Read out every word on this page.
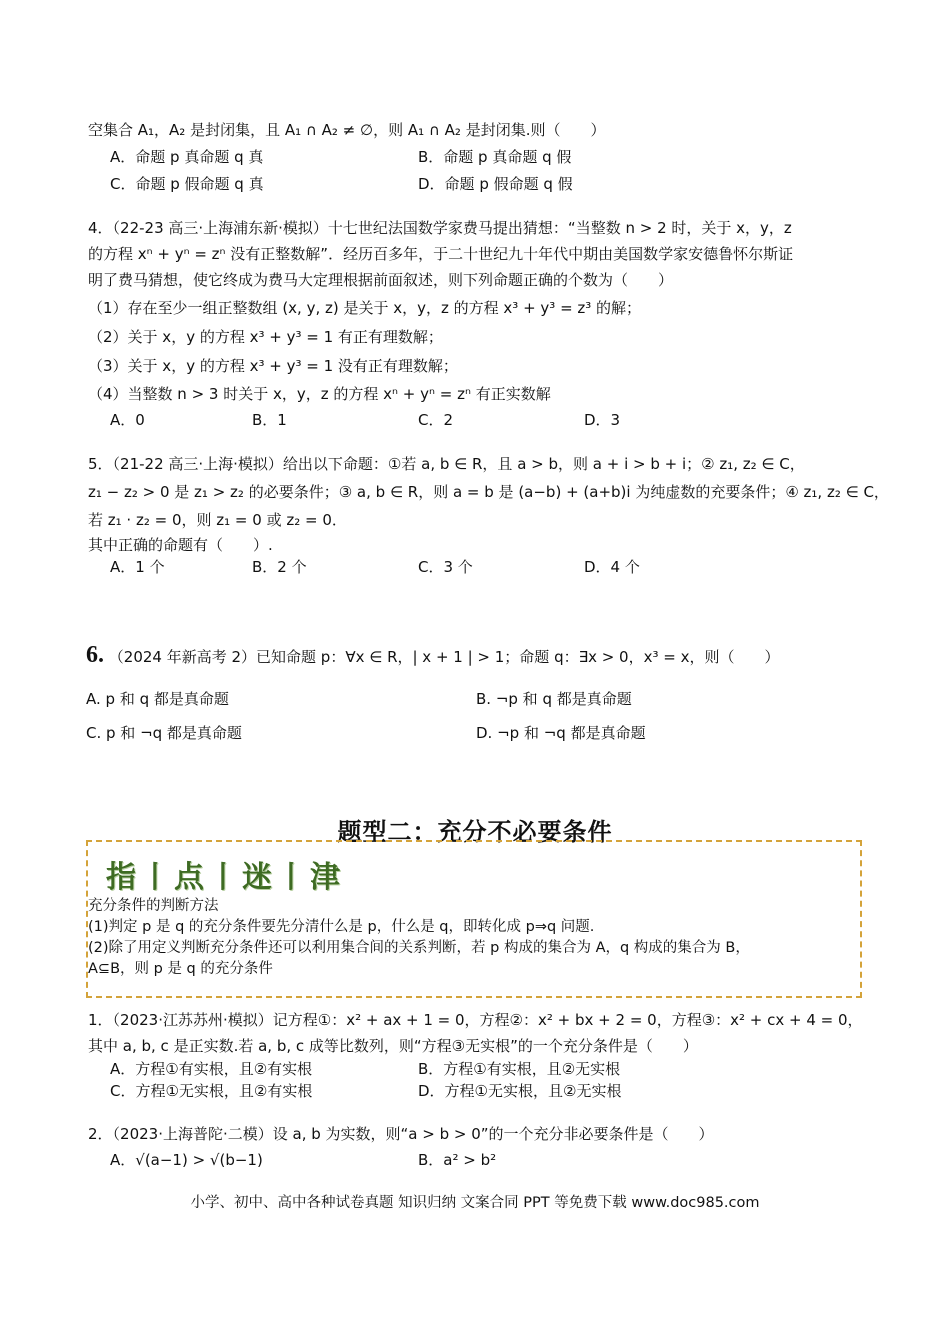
空集合 A₁，A₂ 是封闭集，且 A₁ ∩ A₂ ≠ ∅，则 A₁ ∩ A₂ 是封闭集.则（　　）
A．命题 p 真命题 q 真	B．命题 p 真命题 q 假
C．命题 p 假命题 q 真	D．命题 p 假命题 q 假
4．（22-23 高三·上海浦东新·模拟）十七世纪法国数学家费马提出猜想：“当整数 n > 2 时，关于 x，y，z
的方程 xⁿ + yⁿ = zⁿ 没有正整数解”．经历百多年，于二十世纪九十年代中期由美国数学家安德鲁怀尔斯证
明了费马猜想，使它终成为费马大定理根据前面叙述，则下列命题正确的个数为（　　）
（1）存在至少一组正整数组 (x, y, z) 是关于 x，y，z 的方程 x³ + y³ = z³ 的解；
（2）关于 x，y 的方程 x³ + y³ = 1 有正有理数解；
（3）关于 x，y 的方程 x³ + y³ = 1 没有正有理数解；
（4）当整数 n > 3 时关于 x，y，z 的方程 xⁿ + yⁿ = zⁿ 有正实数解
A．0	B．1	C．2	D．3
5．（21-22 高三·上海·模拟）给出以下命题：①若 a, b ∈ R，且 a > b，则 a + i > b + i；② z₁, z₂ ∈ C，
z₁ − z₂ > 0 是 z₁ > z₂ 的必要条件；③ a, b ∈ R，则 a = b 是 (a−b) + (a+b)i 为纯虚数的充要条件；④ z₁, z₂ ∈ C，
若 z₁ · z₂ = 0，则 z₁ = 0 或 z₂ = 0．
其中正确的命题有（　　）.
A．1 个	B．2 个	C．3 个	D．4 个
6. （2024 年新高考 2）已知命题 p：∀x ∈ R，| x + 1 | > 1；命题 q：∃x > 0，x³ = x，则（　　）
A. p 和 q 都是真命题	B. ¬p 和 q 都是真命题
C. p 和 ¬q 都是真命题	D. ¬p 和 ¬q 都是真命题
题型二：充分不必要条件
指丨点丨迷丨津
充分条件的判断方法
(1)判定 p 是 q 的充分条件要先分清什么是 p，什么是 q，即转化成 p⇒q 问题.
(2)除了用定义判断充分条件还可以利用集合间的关系判断，若 p 构成的集合为 A，q 构成的集合为 B，
A⊆B，则 p 是 q 的充分条件
1．（2023·江苏苏州·模拟）记方程①：x² + ax + 1 = 0，方程②：x² + bx + 2 = 0，方程③：x² + cx + 4 = 0，
其中 a, b, c 是正实数.若 a, b, c 成等比数列，则“方程③无实根”的一个充分条件是（　　）
A．方程①有实根，且②有实根	B．方程①有实根，且②无实根
C．方程①无实根，且②有实根	D．方程①无实根，且②无实根
2．（2023·上海普陀·二模）设 a, b 为实数，则“a > b > 0”的一个充分非必要条件是（　　）
A．√(a−1) > √(b−1)	B．a² > b²
小学、初中、高中各种试卷真题 知识归纳 文案合同 PPT 等免费下载 www.doc985.com
